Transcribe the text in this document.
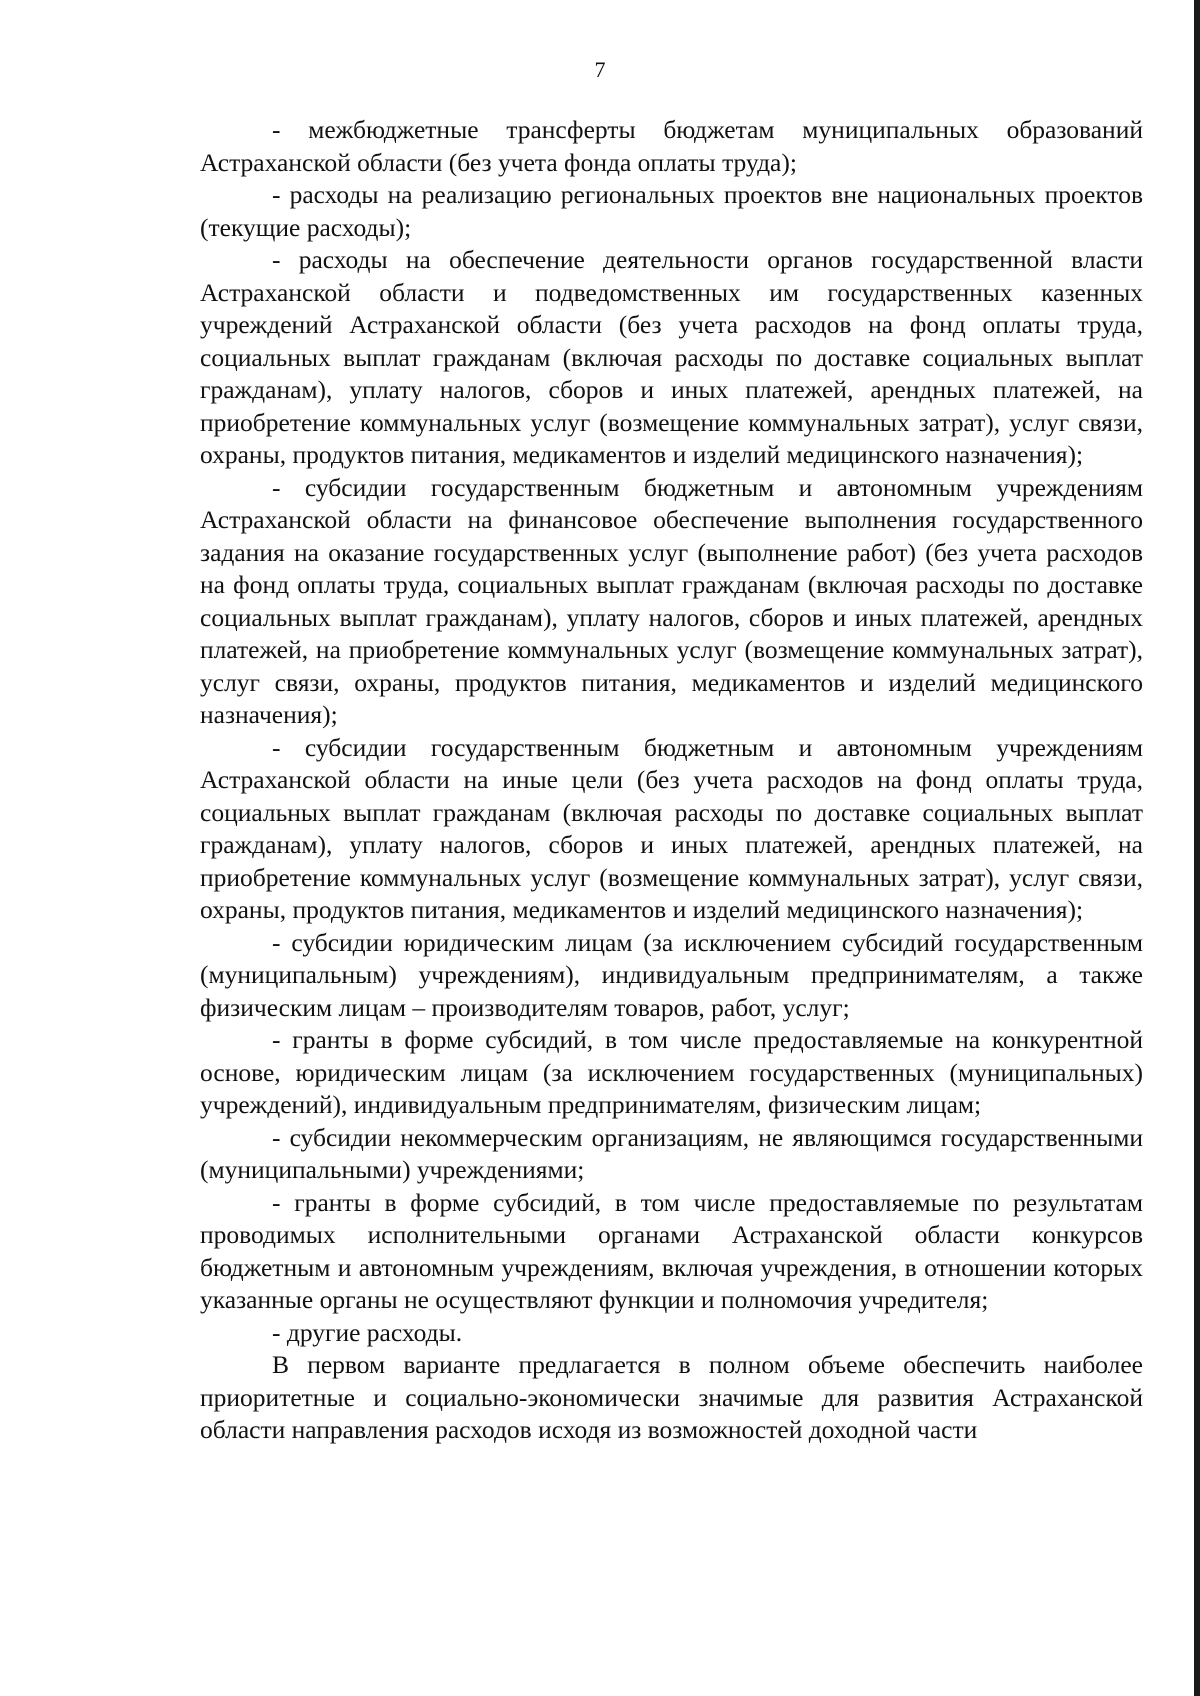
7

- межбюджетные трансферты бюджетам муниципальных образований Астраханской области (без учета фонда оплаты труда);

- расходы на реализацию региональных проектов вне национальных проектов (текущие расходы);

- расходы на обеспечение деятельности органов государственной власти Астраханской области и подведомственных им государственных казенных учреждений Астраханской области (без учета расходов на фонд оплаты труда, социальных выплат гражданам (включая расходы по доставке социальных выплат гражданам), уплату налогов, сборов и иных платежей, арендных платежей, на приобретение коммунальных услуг (возмещение коммунальных затрат), услуг связи, охраны, продуктов питания, медикаментов и изделий медицинского назначения);

- субсидии государственным бюджетным и автономным учреждениям Астраханской области на финансовое обеспечение выполнения государственного задания на оказание государственных услуг (выполнение работ) (без учета расходов на фонд оплаты труда, социальных выплат гражданам (включая расходы по доставке социальных выплат гражданам), уплату налогов, сборов и иных платежей, арендных платежей, на приобретение коммунальных услуг (возмещение коммунальных затрат), услуг связи, охраны, продуктов питания, медикаментов и изделий медицинского назначения);

- субсидии государственным бюджетным и автономным учреждениям Астраханской области на иные цели (без учета расходов на фонд оплаты труда, социальных выплат гражданам (включая расходы по доставке социальных выплат гражданам), уплату налогов, сборов и иных платежей, арендных платежей, на приобретение коммунальных услуг (возмещение коммунальных затрат), услуг связи, охраны, продуктов питания, медикаментов и изделий медицинского назначения);

- субсидии юридическим лицам (за исключением субсидий государственным (муниципальным) учреждениям), индивидуальным предпринимателям, а также физическим лицам – производителям товаров, работ, услуг;

- гранты в форме субсидий, в том числе предоставляемые на конкурентной основе, юридическим лицам (за исключением государственных (муниципальных) учреждений), индивидуальным предпринимателям, физическим лицам;

- субсидии некоммерческим организациям, не являющимся государственными (муниципальными) учреждениями;

- гранты в форме субсидий, в том числе предоставляемые по результатам проводимых исполнительными органами Астраханской области конкурсов бюджетным и автономным учреждениям, включая учреждения, в отношении которых указанные органы не осуществляют функции и полномочия учредителя;

- другие расходы.

В первом варианте предлагается в полном объеме обеспечить наиболее приоритетные и социально-экономически значимые для развития Астраханской области направления расходов исходя из возможностей доходной части
